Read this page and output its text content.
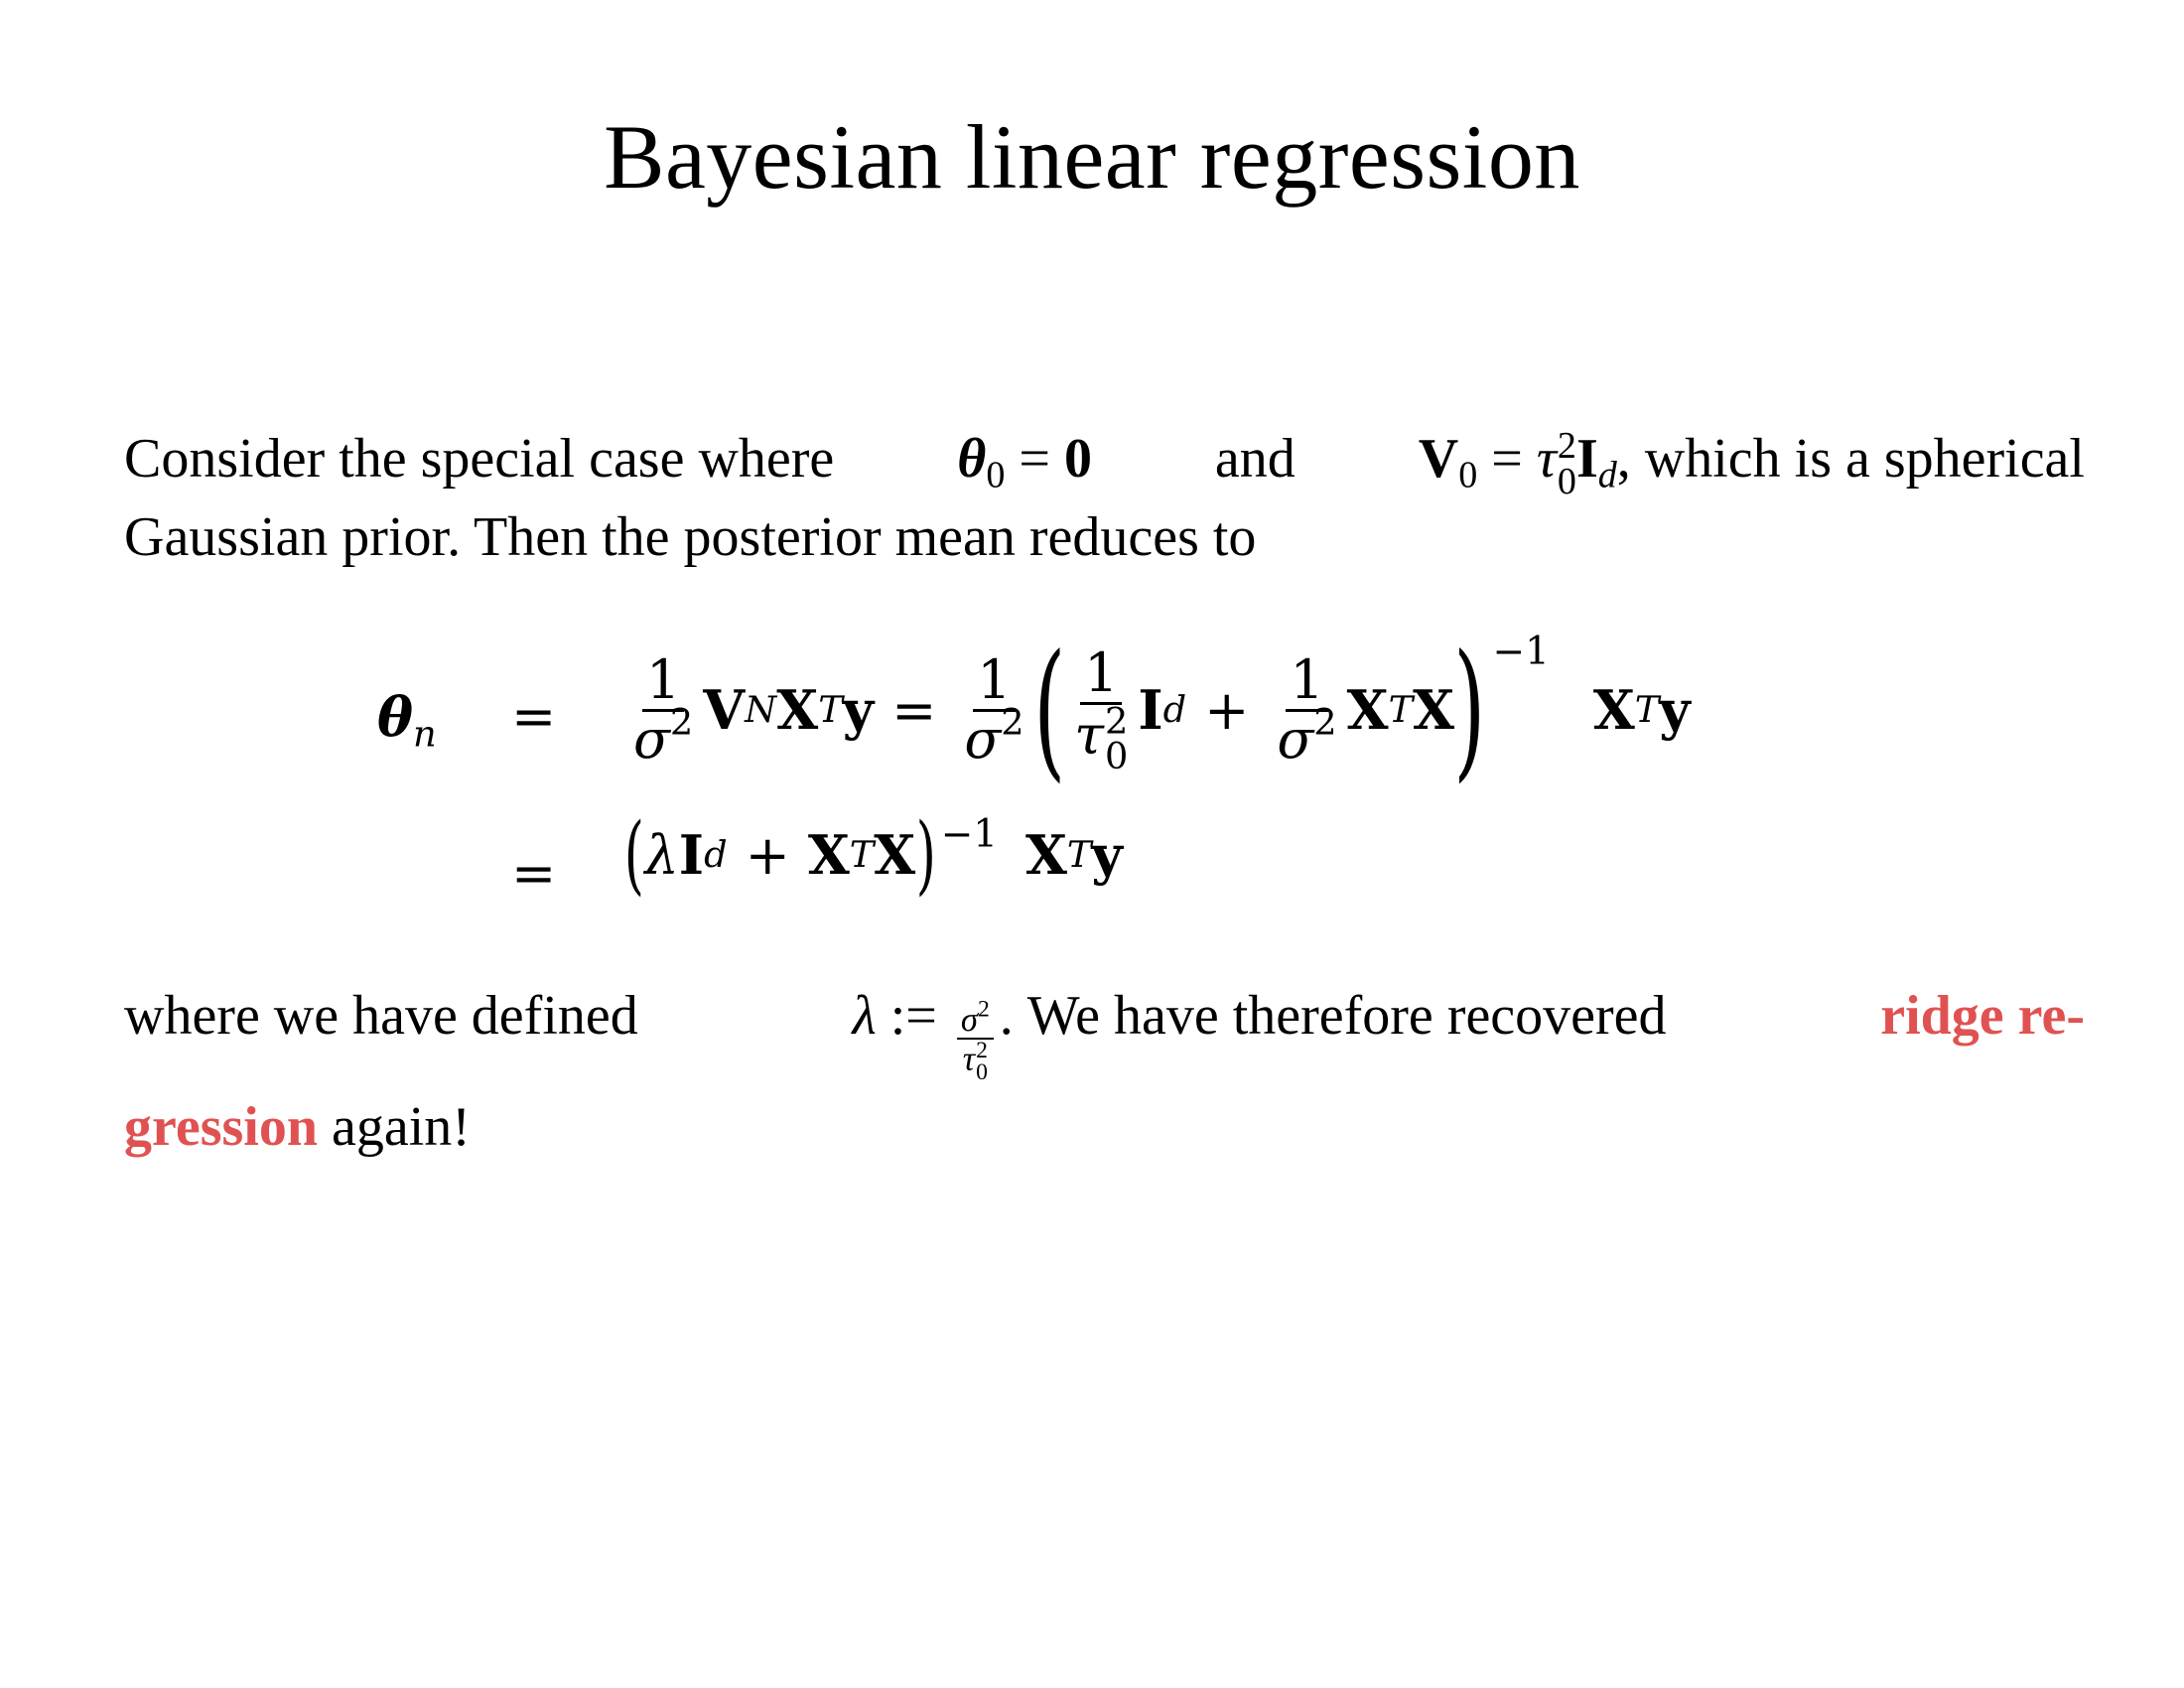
Bayesian linear regression
Consider the special case where $\theta_0 = 0$ and $V_0 = \tau$ 2
0 $I_d$, which is a spherical
Gaussian prior. Then the posterior mean reduces to
$\theta_n$ =
=
$\frac{1}{\sigma^2}$ V N X T $y = \frac{1}{\sigma^2}$ ( 1
τ 2
0 I $d + \frac{1}{\sigma^2}$ X T X ) −1
X T y
( λ I d + X T X ) −1 X T y
where we have defined	λ := $\sigma^2$
τ 2
0 . We have therefore recovered	ridge re-
gression again!
